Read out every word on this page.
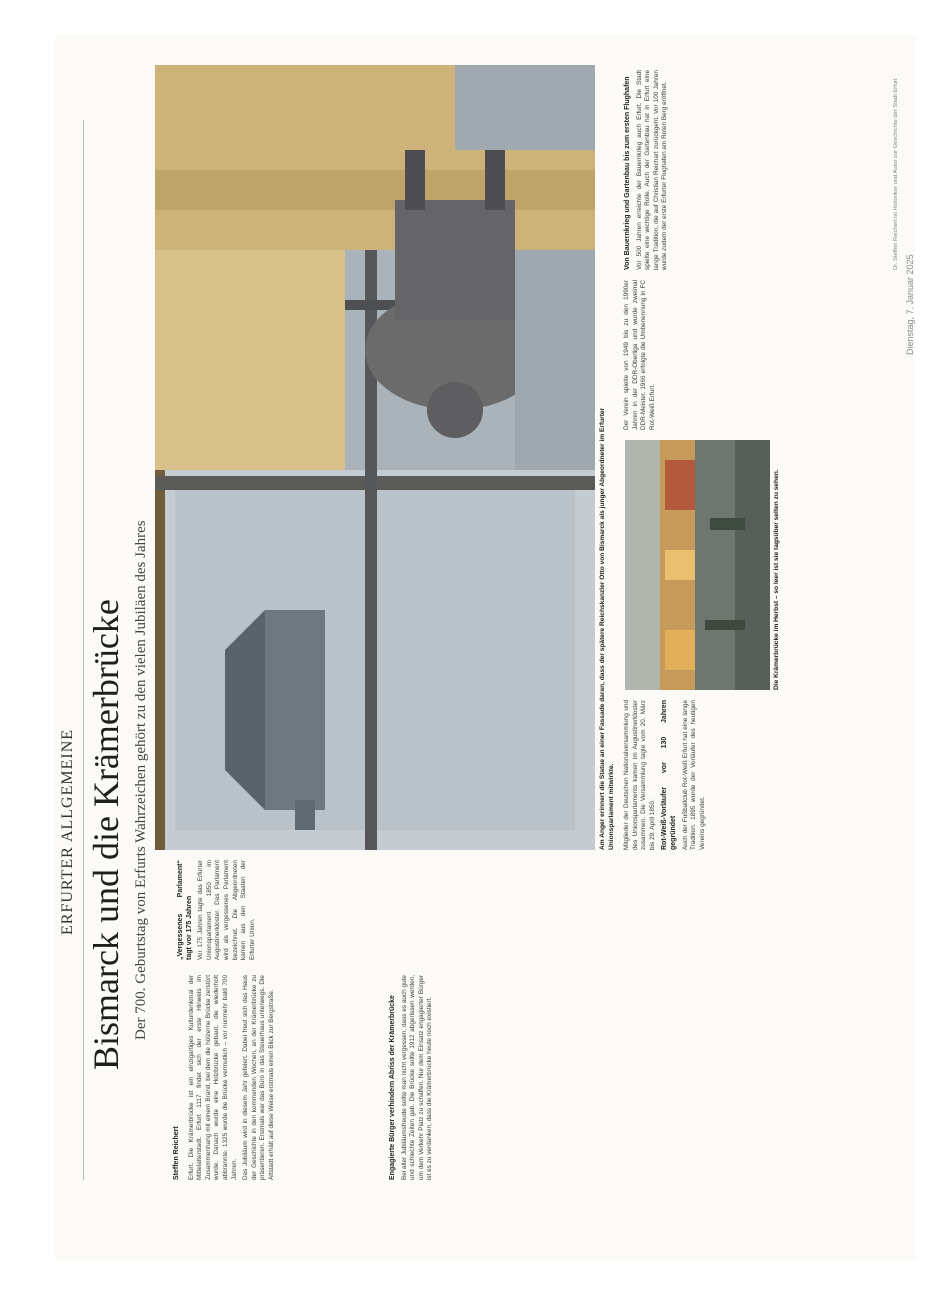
Dienstag, 7. Januar 2025
ERFURTER ALLGEMEINE Bismarck und die Krämerbrücke Der 700. Geburtstag von Erfurts Wahrzeichen gehört zu den vielen Jubiläen des Jahres

Steffen Reichert Erfurt. Die Krämerbrücke ist ein einzigartiges Kulturdenkmal der Mittelalterstadt. Erfurt 1117 findet sich der erste Hinweis im Zusammenhang mit einem Brand, bei dem die hölzerne Brücke zerstört wurde. Danach wurde eine Holzbrücke gebaut, die wiederholt abbrannte. 1325 wurde die Brücke vermutlich – vor nunmehr bald 700 Jahren. Das Jubiläum wird in diesem Jahr gefeiert. Dabei freut sich das Haus der Geschichte in den kommenden Wochen, an der Krämerbrücke zu präsentieren. Erstmals war das Büro in das Steuerhaus unterwegs. Die Altstadt erhält auf diese Weise erstmals einen Blick zur Bergstraße.	Engagierte Bürger verhindern Abriss der Krämerbrücke Bei aller Jubiläumsfreude sollte man nicht vergessen, dass es auch gute und schlechte Zeiten gab. Die Brücke sollte 1912 abgerissen werden, um dem Verkehr Platz zu schaffen. Nur dem Einsatz engagierter Bürger ist es zu verdanken, dass die Krämerbrücke heute noch existiert.

„Vergessenes Parlament“ tagt vor 175 Jahren Vor 175 Jahren tagte das Erfurter Unionsparlament 1850 im Augustinerkloster. Das Parlament wird als vergessenes Parlament bezeichnet. Die Abgeordneten kamen aus den Staaten der Erfurter Union.

Am Anger erinnert die Statue an einer Fassade daran, dass der spätere Reichskanzler Otto von Bismarck als junger Abgeordneter im Erfurter Unionsparlament mitwirkte.
Die Krämerbrücke im Herbst – so leer ist sie tagsüber selten zu sehen.

Mitglieder der Deutschen Nationalversammlung und des Unionsparlaments kamen im Augustinerkloster zusammen. Die Versammlung tagte vom 20. März bis 29. April 1850. Rot-Weiß-Vorläufer vor 130 Jahren gegründet Auch der Fußballclub Rot-Weiß Erfurt hat eine lange Tradition. 1895 wurde der Vorläufer des heutigen Vereins gegründet.

Der Verein spielte von 1949 bis zu den 1990er Jahren in der DDR-Oberliga und wurde zweimal DDR-Meister. 1966 erfolgte die Umbenennung in FC Rot-Weiß Erfurt.

Von Bauernkrieg und Gartenbau bis zum ersten Flughafen Vor 500 Jahren erreichte der Bauernkrieg auch Erfurt. Die Stadt spielte eine wichtige Rolle. Auch der Gartenbau hat in Erfurt eine lange Tradition, die auf Christian Reichart zurückgeht. Vor 100 Jahren wurde zudem der erste Erfurter Flughafen am Roten Berg eröffnet.	Dr. Steffen Reichert ist Historiker und Autor zur Geschichte der Stadt Erfurt
